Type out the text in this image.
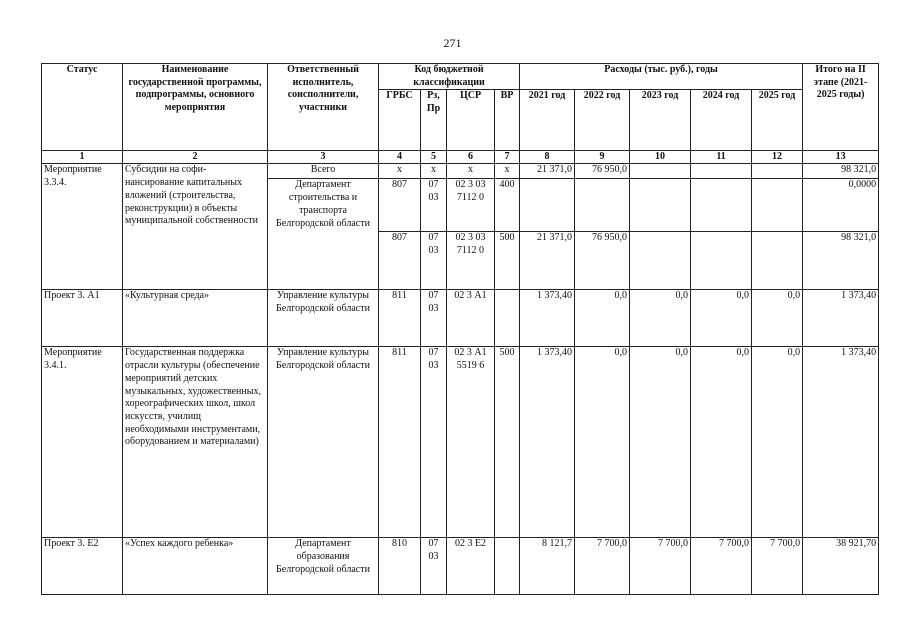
271
Статус	Наименование государственной программы, подпрограммы, основного мероприятия	Ответственный исполнитель, соисполнители, участники	Код бюджетной классификации				Расходы (тыс. руб.), годы					Итого на II этапе (2021-2025 годы)
			ГРБС	Рз, Пр	ЦСР	ВР	2021 год	2022 год	2023 год	2024 год	2025 год	
1	2	3	4	5	6	7	8	9	10	11	12	13
Мероприятие 3.3.4.	Субсидии на софи-нансирование капитальных вложений (строительства, реконструкции) в объекты муниципальной собственности	Всего	х	х	х	х	21 371,0	76 950,0				98 321,0
		Департамент строительства и транспорта Белгородской области	807	07 03	02 3 03 7112 0	400						0,0000
			807	07 03	02 3 03 7112 0	500	21 371,0	76 950,0				98 321,0
Проект 3. А1	«Культурная среда»	Управление культуры Белгородской области	811	07 03	02 3 А1		1 373,40	0,0	0,0	0,0	0,0	1 373,40
Мероприятие 3.4.1.	Государственная поддержка отрасли культуры (обеспечение мероприятий детских музыкальных, художественных, хореографических школ, школ искусств, училищ необходимыми инструментами, оборудованием и материалами)	Управление культуры Белгородской области	811	07 03	02 3 А1 5519 6	500	1 373,40	0,0	0,0	0,0	0,0	1 373,40
Проект 3. Е2	«Успех каждого ребенка»	Департамент образования Белгородской области	810	07 03	02 3 Е2		8 121,7	7 700,0	7 700,0	7 700,0	7 700,0	38 921,70
